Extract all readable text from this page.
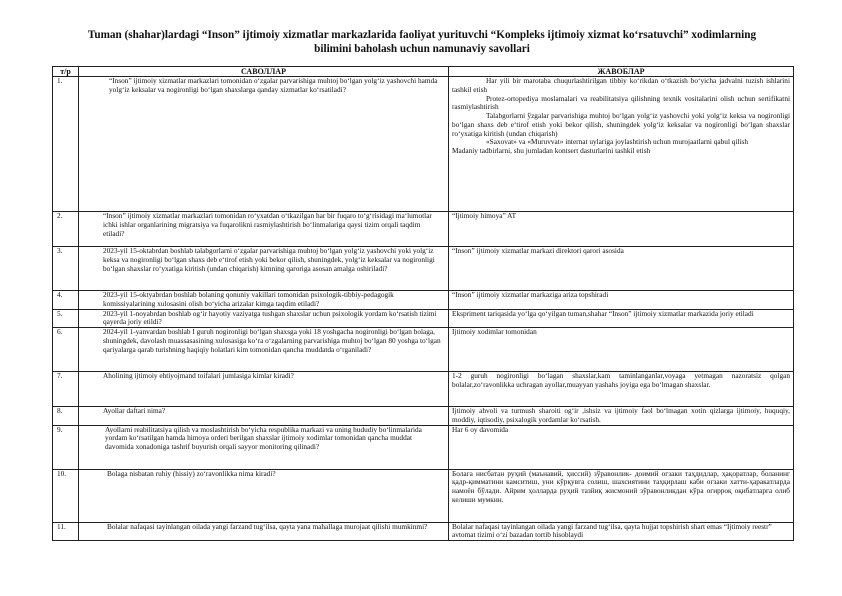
Tuman (shahar)lardagi “Inson” ijtimoiy xizmatlar markazlarida faoliyat yurituvchi “Kompleks ijtimoiy xizmat koʻrsatuvchi” xodimlarning
bilimini baholash uchun namunaviy savollari
т/р	САВОЛЛАР	ЖАВОБЛАР
1.	“Inson” ijtimoiy xizmatlar markazlari tomonidan oʻzgalar parvarishiga muhtoj boʻlgan yolgʻiz yashovchi hamda yolgʻiz keksalar va nogironligi boʻlgan shaxslarga qanday xizmatlar koʻrsatiladi?	Har yili bir marotaba chuqurlashtirilgan tibbiy koʻrikdan oʻtkazish boʻyicha jadvalni tuzish ishlarini tashkil etish

Protez-ortopediya moslamalari va reabilitatsiya qilishning texnik vositalarini olish uchun sertifikatni rasmiylashtirish

Talabgorlarni ўzgalar parvarishiga muhtoj boʻlgan yolgʻiz yashovchi yoki yolgʻiz keksa va nogironligi boʻlgan shaxs deb eʻtirof etish yoki bekor qilish, shuningdek yolgʻiz keksalar va nogironligi boʻlgan shaxslar roʻyxatiga kiritish (undan chiqarish)

«Saxovat» va «Muruvvat» internat uylariga joylashtirish uchun murojaatlarni qabul qilish

Madaniy tadbirlarni, shu jumladan kontsert dasturlarini tashkil etish

2.	“Inson” ijtimoiy xizmatlar markazlari tomonidan roʻyxatdan oʻtkazilgan har bir fuqaro toʻgʻrisidagi maʻlumotlar ichki ishlar organlarining migratsiya va fuqarolikni rasmiylashtirish boʻlinmalariga qaysi tizim orqali taqdim etiladi?	“Ijtimoiy himoya” AT
3.	2023-yil 15-oktabrdan boshlab talabgorlarni oʻzgalar parvarishiga muhtoj boʻlgan yolgʻiz yashovchi yoki yolgʻiz keksa va nogironligi boʻlgan shaxs deb eʻtirof etish yoki bekor qilish, shuningdek, yolgʻiz keksalar va nogironligi boʻlgan shaxslar roʻyxatiga kiritish (undan chiqarish) kimning qaroriga asosan amalga oshiriladi?	“Inson” ijtimoiy xizmatlar markazi direktori qarori asosida
4.	2023-yil 15-oktyabrdan boshlab bolaning qonuniy vakillari tomonidan psixologik-tibbiy-pedagogik komissiyalarining xulosasini olish boʻyicha arizalar kimga taqdim etiladi?	“Inson” ijtimoiy xizmatlar markaziga ariza topshiradi
5.	2023-yil 1-noyabrdan boshlab ogʻir hayotiy vaziyatga tushgan shaxslar uchun psixologik yordam koʻrsatish tizimi qayerda joriy etildi?	Ekspriment tariqasida yoʻlga qoʻyilgan tuman,shahar “Inson” ijtimoiy xizmatlar markazida joriy etiladi
6.	2024-yil 1-yanvardan boshlab I guruh nogironligi boʻlgan shaxsga yoki 18 yoshgacha nogironligi boʻlgan bolaga, shuningdek, davolash muassasasining xulosasiga koʻra oʻzgalarning parvarishiga muhtoj boʻlgan 80 yoshga toʻlgan qariyalarga qarab turishning haqiqiy holatlari kim tomonidan qancha muddatda oʻrganiladi?	Ijtimoiy xodimlar tomonidan
7.	Aholining ijtimoiy ehtiyojmand toifalari jumlasiga kimlar kiradi?	1-2 guruh nogironligi boʻlagan shaxslar,kam taminlanganlar,voyaga yetmagan nazoratsiz qolgan bolalar,zoʻravonlikka uchragan ayollar,muayyan yashahs joyiga ega boʻlmagan shaxslar.
8.	Ayollar daftari nima?	Ijtimoiy ahvoli va turmush sharoiti ogʻir ,ishsiz va ijtimoiy faol boʻlmagan xotin qizlarga ijtimoiy, huquqiy, moddiy, iqtisodiy, psixalogik yordamlar koʻrsatish.
9.	Ayollarni reabilitatsiya qilish va moslashtirish boʻyicha respublika markazi va uning hududiy boʻlinmalarida yordam koʻrsatilgan hamda himoya orderi berilgan shaxslar ijtimoiy xodimlar tomonidan qancha muddat davomida xonadoniga tashrif buyurish orqali sayyor monitoring qilinadi?	Har 6 oy davomida
10.	Bolaga nisbatan ruhiy (hissiy) zoʻravonlikka nima kiradi?	Болага нисбатан руҳий (маънавий, ҳиссий) зўравонлик- доимий огзаки таҳдидлар, ҳақоратлар, боланинг қадр-қимматини камситиш, уни кўрқувга солиш, шахсиятини таҳқирлаш каби огзаки хатти-ҳаракатларда намоён бўлади. Айрим ҳолларда руҳий тазйиқ жисмоний зўравонликдан кўра огирроқ оқибатларга олиб келиши мумкин.
11.	Bolalar nafaqasi tayinlangan oilada yangi farzand tugʻilsa, qayta yana mahallaga murojaat qilishi mumkinmi?	Bolalar nafaqasi tayinlangan oilada yangi farzand tugʻilsa, qayta hujjat topshirish shart emas “Ijtimoiy reestr” avtomat tizimi oʻzi bazadan tortib hisoblaydi
